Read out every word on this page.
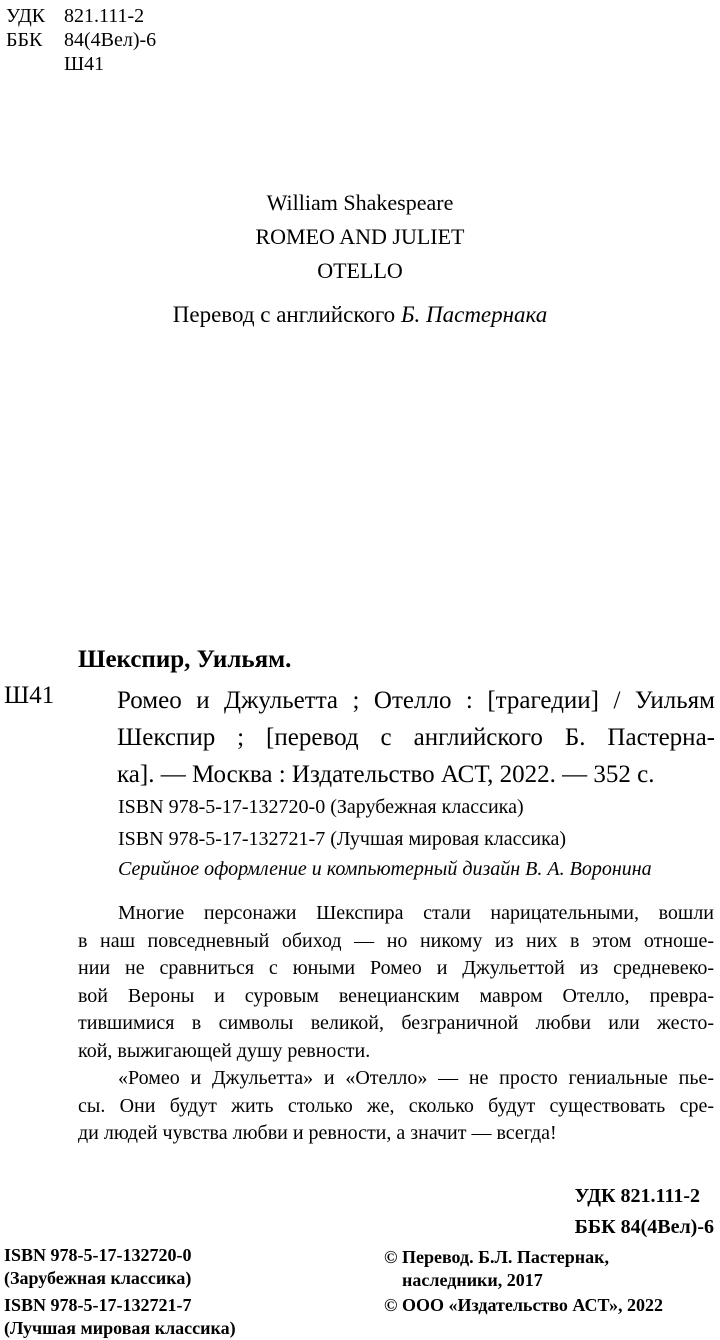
УДК 821.111-2
ББК	84(4Вел)-6
Ш41
William Shakespeare
ROMEO AND JULIET
OTELLO
Перевод с английского Б. Пастернака
Шекспир, Уильям.
Ш41	Ромео и Джульетта ; Отелло : [трагедии] / Уильям
Шекспир ; [перевод с английского Б. Пастерна-
ка]. — Москва : Издательство АСТ, 2022. — 352 с.
ISBN 978-5-17-132720-0 (Зарубежная классика)
ISBN 978-5-17-132721-7 (Лучшая мировая классика)
Серийное оформление и компьютерный дизайн В. А. Воронина
Многие персонажи Шекспира стали нарицательными, вошли
в наш повседневный обиход — но никому из них в этом отноше-
нии не сравниться с юными Ромео и Джульеттой из средневеко-
вой Вероны и суровым венецианским мавром Отелло, превра-
тившимися в символы великой, безграничной любви или жесто-
кой, выжигающей душу ревности.
«Ромео и Джульетта» и «Отелло» — не просто гениальные пье-
сы. Они будут жить столько же, сколько будут существовать сре-
ди людей чувства любви и ревности, а значит — всегда!
УДК 821.111-2
ББК 84(4Вел)-6
ISBN 978-5-17-132720-0
(Зарубежная классика)
ISBN 978-5-17-132721-7
(Лучшая мировая классика)
© Перевод. Б.Л. Пастернак,
наследники, 2017
© ООО «Издательство АСТ», 2022
